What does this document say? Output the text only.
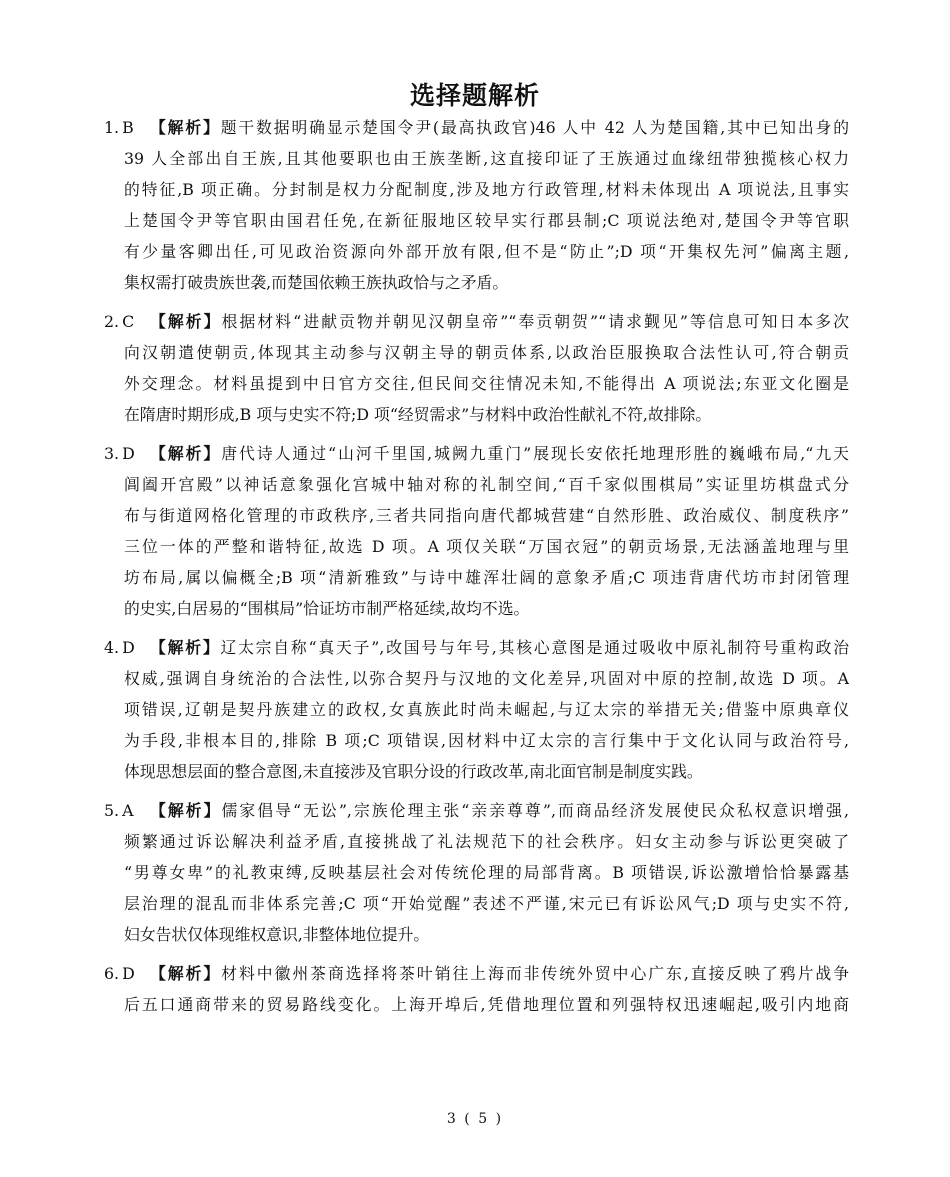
选择题解析
1. B	【解析】题干数据明确显示楚国令尹(最高执政官)46 人中 42 人为楚国籍,其中已知出身的
39 人全部出自王族,且其他要职也由王族垄断,这直接印证了王族通过血缘纽带独揽核心权力
的特征,B 项正确。分封制是权力分配制度,涉及地方行政管理,材料未体现出 A 项说法,且事实
上楚国令尹等官职由国君任免,在新征服地区较早实行郡县制;C 项说法绝对,楚国令尹等官职
有少量客卿出任,可见政治资源向外部开放有限,但不是“防止”;D 项“开集权先河”偏离主题,
集权需打破贵族世袭,而楚国依赖王族执政恰与之矛盾。
2. C	【解析】根据材料“进献贡物并朝见汉朝皇帝”“奉贡朝贺”“请求觐见”等信息可知日本多次
向汉朝遣使朝贡,体现其主动参与汉朝主导的朝贡体系,以政治臣服换取合法性认可,符合朝贡
外交理念。材料虽提到中日官方交往,但民间交往情况未知,不能得出 A 项说法;东亚文化圈是
在隋唐时期形成,B 项与史实不符;D 项“经贸需求”与材料中政治性献礼不符,故排除。
3. D 【解析】唐代诗人通过“山河千里国,城阙九重门”展现长安依托地理形胜的巍峨布局,“九天
阊阖开宫殿”以神话意象强化宫城中轴对称的礼制空间,“百千家似围棋局”实证里坊棋盘式分
布与街道网格化管理的市政秩序,三者共同指向唐代都城营建“自然形胜、政治威仪、制度秩序”
三位一体的严整和谐特征,故选 D 项。A 项仅关联“万国衣冠”的朝贡场景,无法涵盖地理与里
坊布局,属以偏概全;B 项“清新雅致”与诗中雄浑壮阔的意象矛盾;C 项违背唐代坊市封闭管理
的史实,白居易的“围棋局”恰证坊市制严格延续,故均不选。
4. D 【解析】辽太宗自称“真天子”,改国号与年号,其核心意图是通过吸收中原礼制符号重构政治
权威,强调自身统治的合法性,以弥合契丹与汉地的文化差异,巩固对中原的控制,故选 D 项。A
项错误,辽朝是契丹族建立的政权,女真族此时尚未崛起,与辽太宗的举措无关;借鉴中原典章仪
为手段,非根本目的,排除 B 项;C 项错误,因材料中辽太宗的言行集中于文化认同与政治符号,
体现思想层面的整合意图,未直接涉及官职分设的行政改革,南北面官制是制度实践。
5. A	【解析】儒家倡导“无讼”,宗族伦理主张“亲亲尊尊”,而商品经济发展使民众私权意识增强,
频繁通过诉讼解决利益矛盾,直接挑战了礼法规范下的社会秩序。妇女主动参与诉讼更突破了
“男尊女卑”的礼教束缚,反映基层社会对传统伦理的局部背离。B 项错误,诉讼激增恰恰暴露基
层治理的混乱而非体系完善;C 项“开始觉醒”表述不严谨,宋元已有诉讼风气;D 项与史实不符,
妇女告状仅体现维权意识,非整体地位提升。
6. D 【解析】材料中徽州茶商选择将茶叶销往上海而非传统外贸中心广东,直接反映了鸦片战争
后五口通商带来的贸易路线变化。上海开埠后,凭借地理位置和列强特权迅速崛起,吸引内地商
3 ( 5 )
